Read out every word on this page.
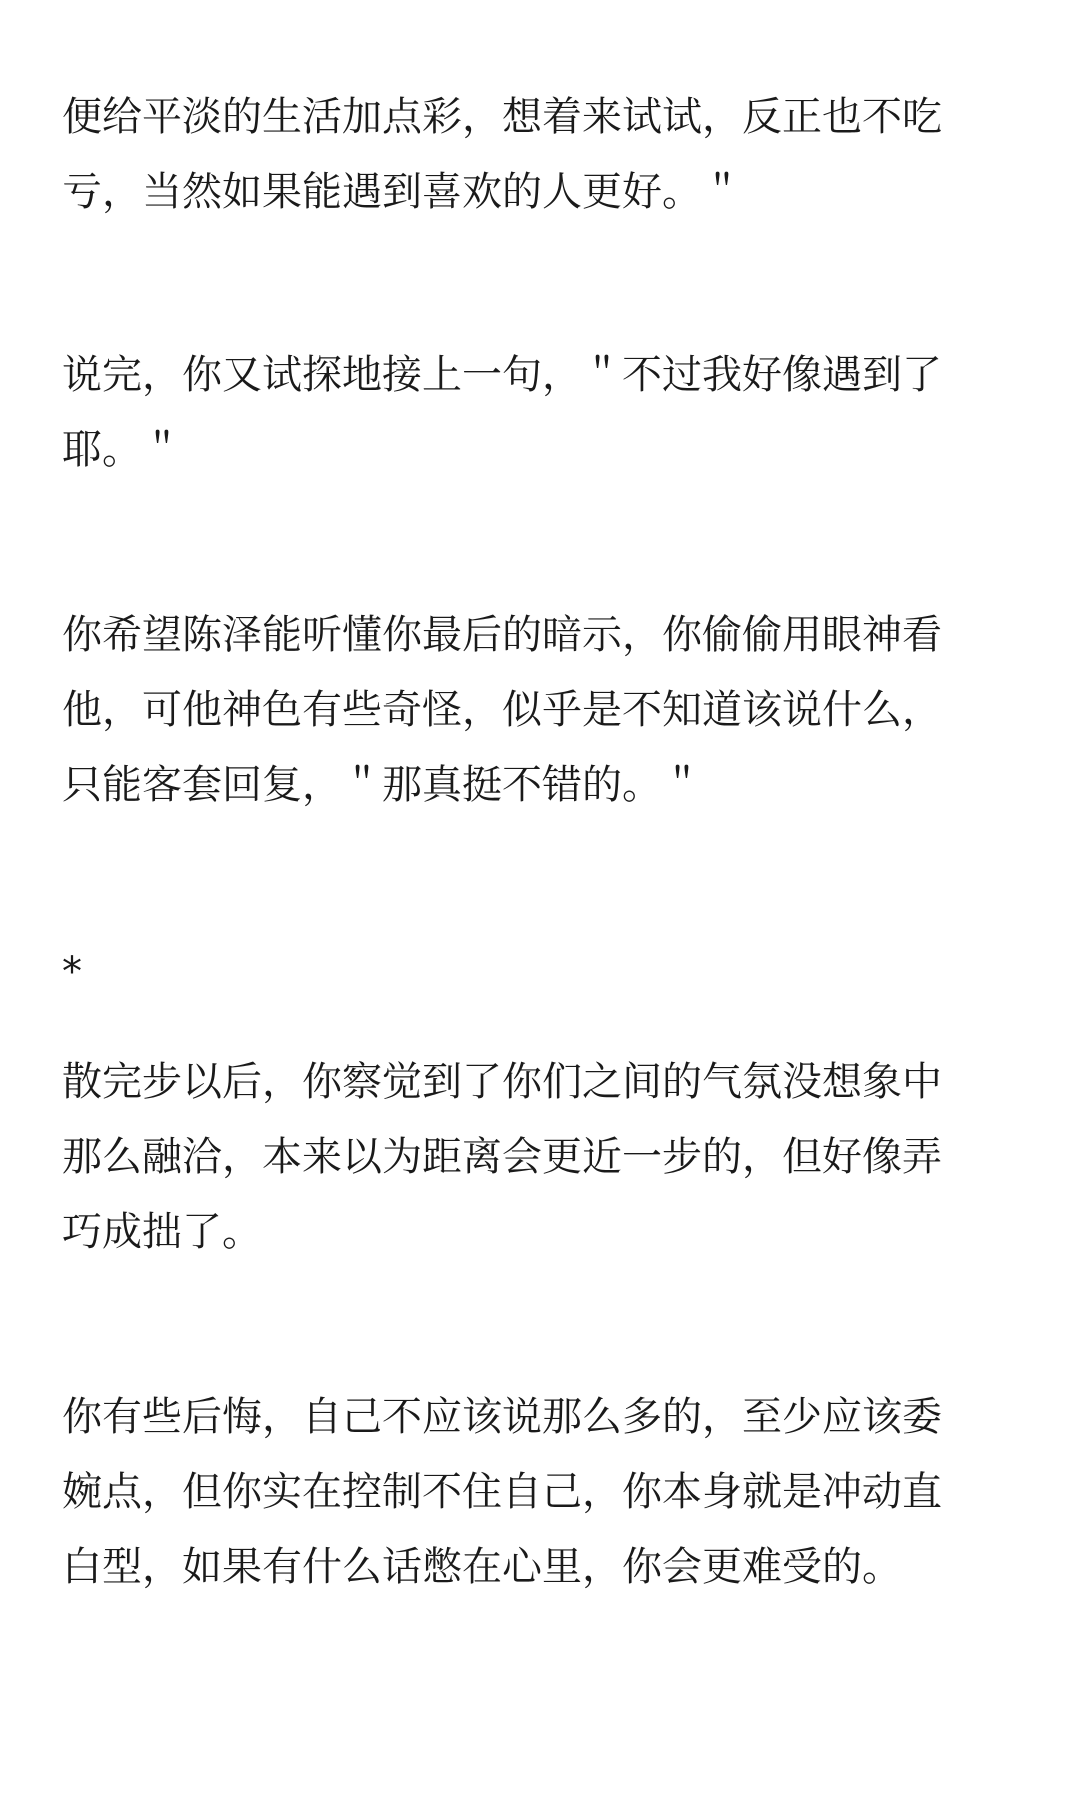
便给平淡的生活加点彩，想着来试试，反正也不吃
亏，当然如果能遇到喜欢的人更好。＂
说完，你又试探地接上一句，＂不过我好像遇到了
耶。＂
你希望陈泽能听懂你最后的暗示，你偷偷用眼神看
他，可他神色有些奇怪，似乎是不知道该说什么，
只能客套回复，＂那真挺不错的。＂
*
散完步以后，你察觉到了你们之间的气氛没想象中
那么融洽，本来以为距离会更近一步的，但好像弄
巧成拙了。
你有些后悔，自己不应该说那么多的，至少应该委
婉点，但你实在控制不住自己，你本身就是冲动直
白型，如果有什么话憋在心里，你会更难受的。
